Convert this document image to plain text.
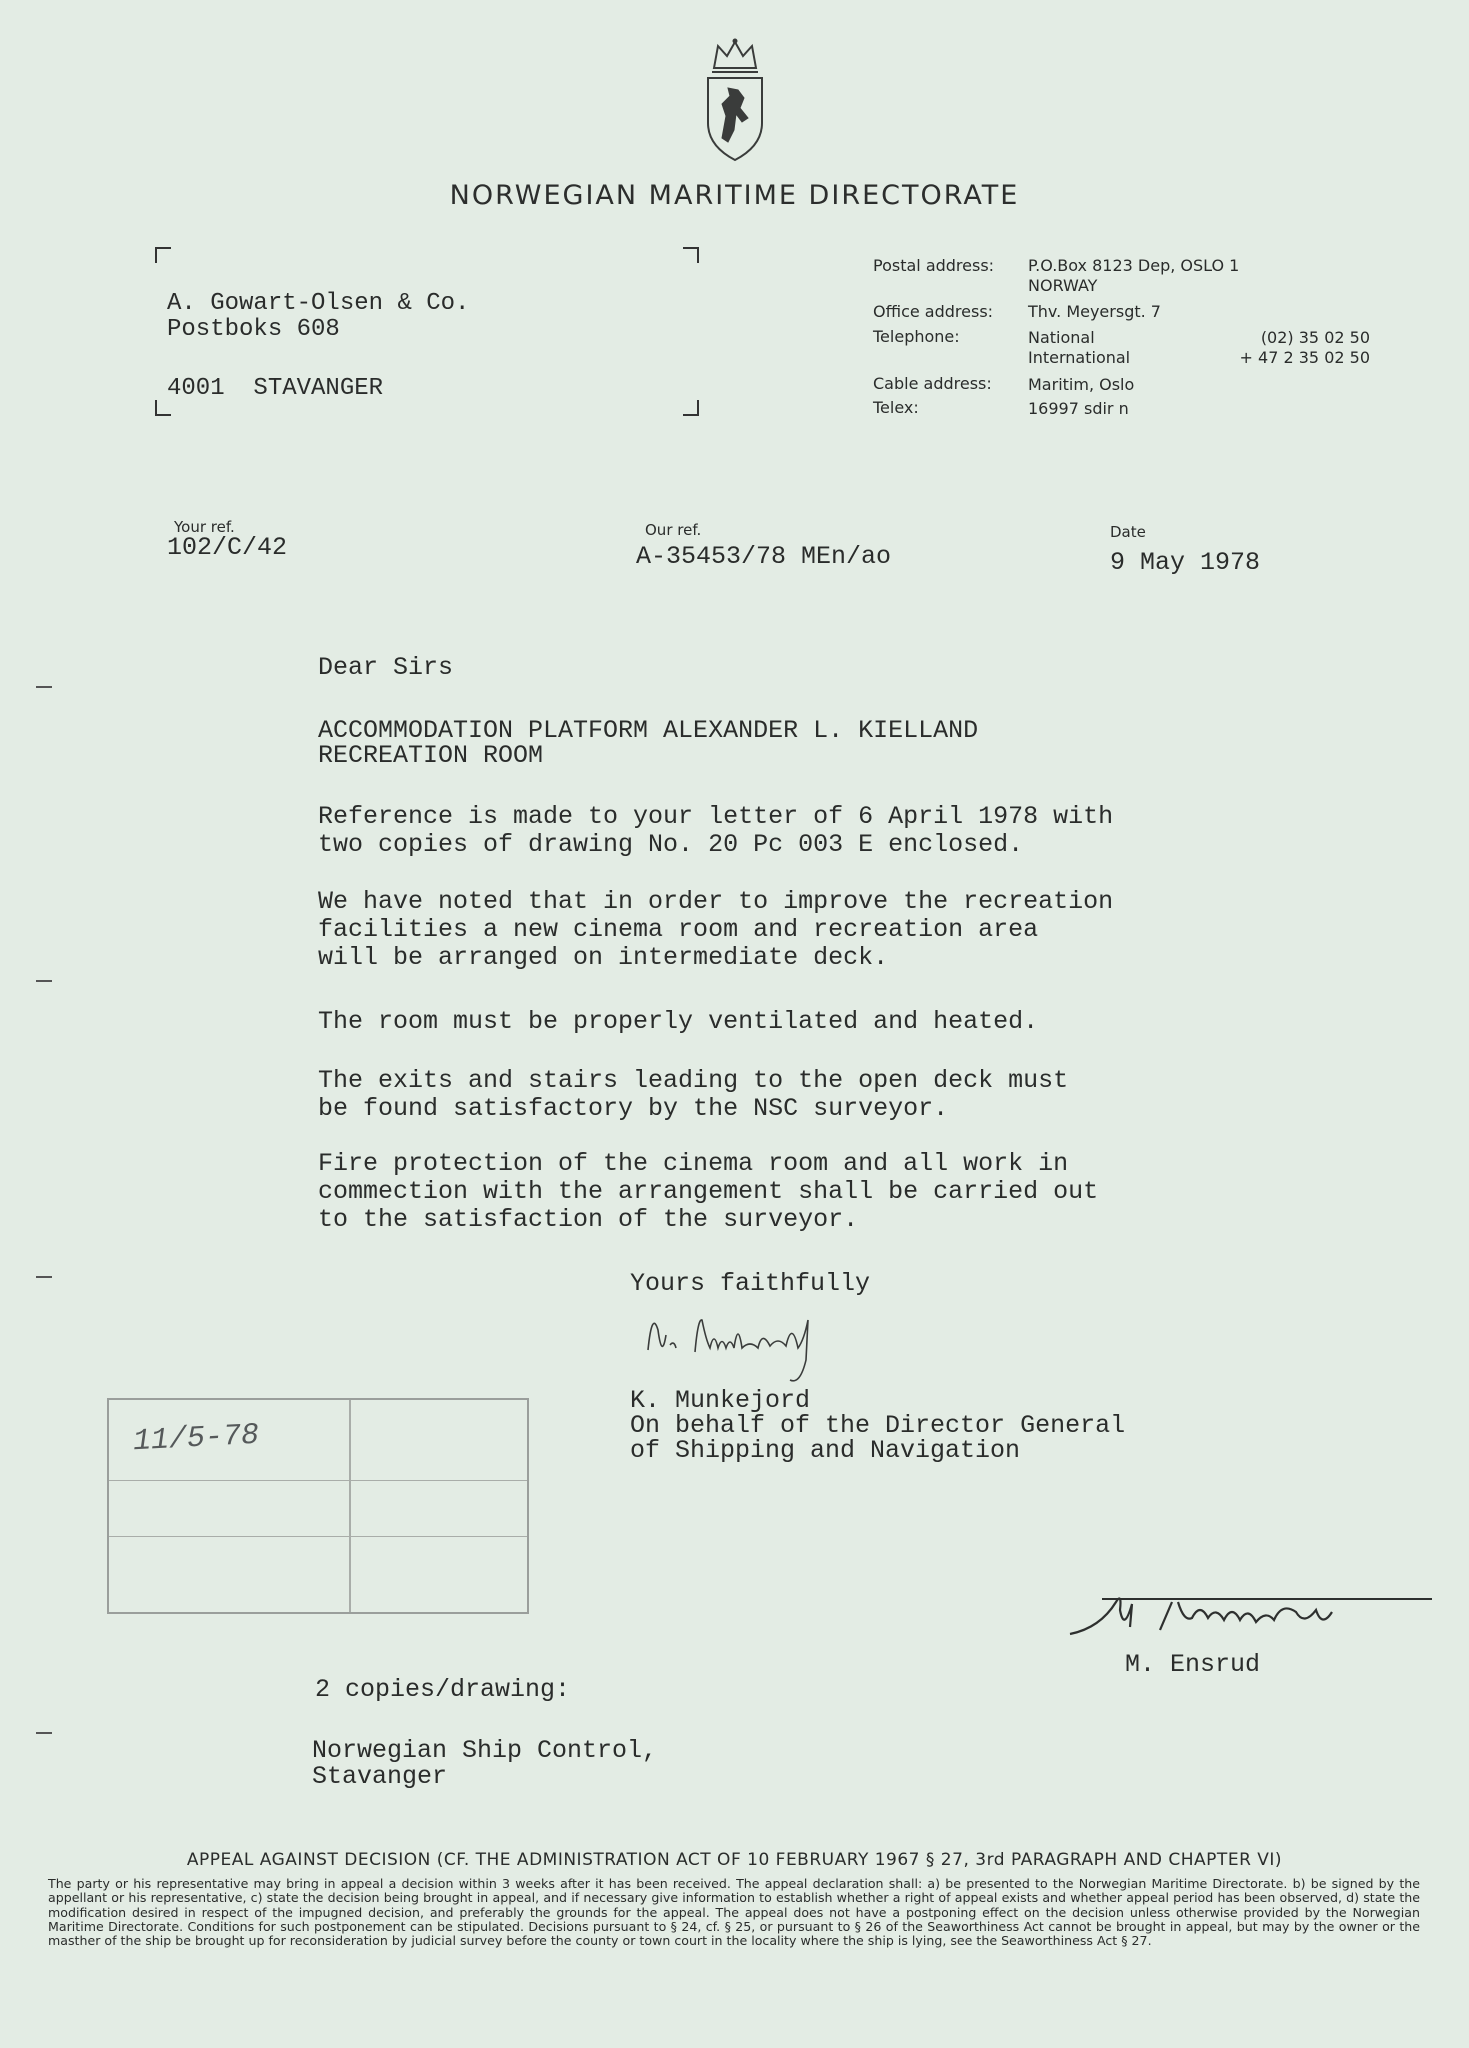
NORWEGIAN MARITIME DIRECTORATE
A. Gowart-Olsen & Co.
Postboks 608
4001  STAVANGER
Postal address: P.O.Box 8123 Dep, OSLO 1
NORWAY
Office address: Thv. Meyersgt. 7
Telephone:	National	(02) 35 02 50
International	+ 47 2 35 02 50
Cable address: Maritim, Oslo
Telex:	16997 sdir n
Your ref.
102/C/42
Our ref.
A-35453/78 MEn/ao
Date
9 May 1978
Dear Sirs
ACCOMMODATION PLATFORM ALEXANDER L. KIELLAND
RECREATION ROOM
Reference is made to your letter of 6 April 1978 with
two copies of drawing No. 20 Pc 003 E enclosed.
We have noted that in order to improve the recreation
facilities a new cinema room and recreation area
will be arranged on intermediate deck.
The room must be properly ventilated and heated.
The exits and stairs leading to the open deck must
be found satisfactory by the NSC surveyor.
Fire protection of the cinema room and all work in
commection with the arrangement shall be carried out
to the satisfaction of the surveyor.
Yours faithfully
K. Munkejord
On behalf of the Director General
of Shipping and Navigation
M. Ensrud
2 copies/drawing:
Norwegian Ship Control,
Stavanger
11/5-78
APPEAL AGAINST DECISION (CF. THE ADMINISTRATION ACT OF 10 FEBRUARY 1967 § 27, 3rd PARAGRAPH AND CHAPTER VI)
The party or his representative may bring in appeal a decision within 3 weeks after it has been received. The appeal declaration shall: a) be presented to the Norwegian Maritime Directorate. b) be signed by the appellant or his representative, c) state the decision being brought in appeal, and if necessary give information to establish whether a right of appeal exists and whether appeal period has been observed, d) state the modification desired in respect of the impugned decision, and preferably the grounds for the appeal. The appeal does not have a postponing effect on the decision unless otherwise provided by the Norwegian Maritime Directorate. Conditions for such postponement can be stipulated. Decisions pursuant to § 24, cf. § 25, or pursuant to § 26 of the Seaworthiness Act cannot be brought in appeal, but may by the owner or the masther of the ship be brought up for reconsideration by judicial survey before the county or town court in the locality where the ship is lying, see the Seaworthiness Act § 27.
